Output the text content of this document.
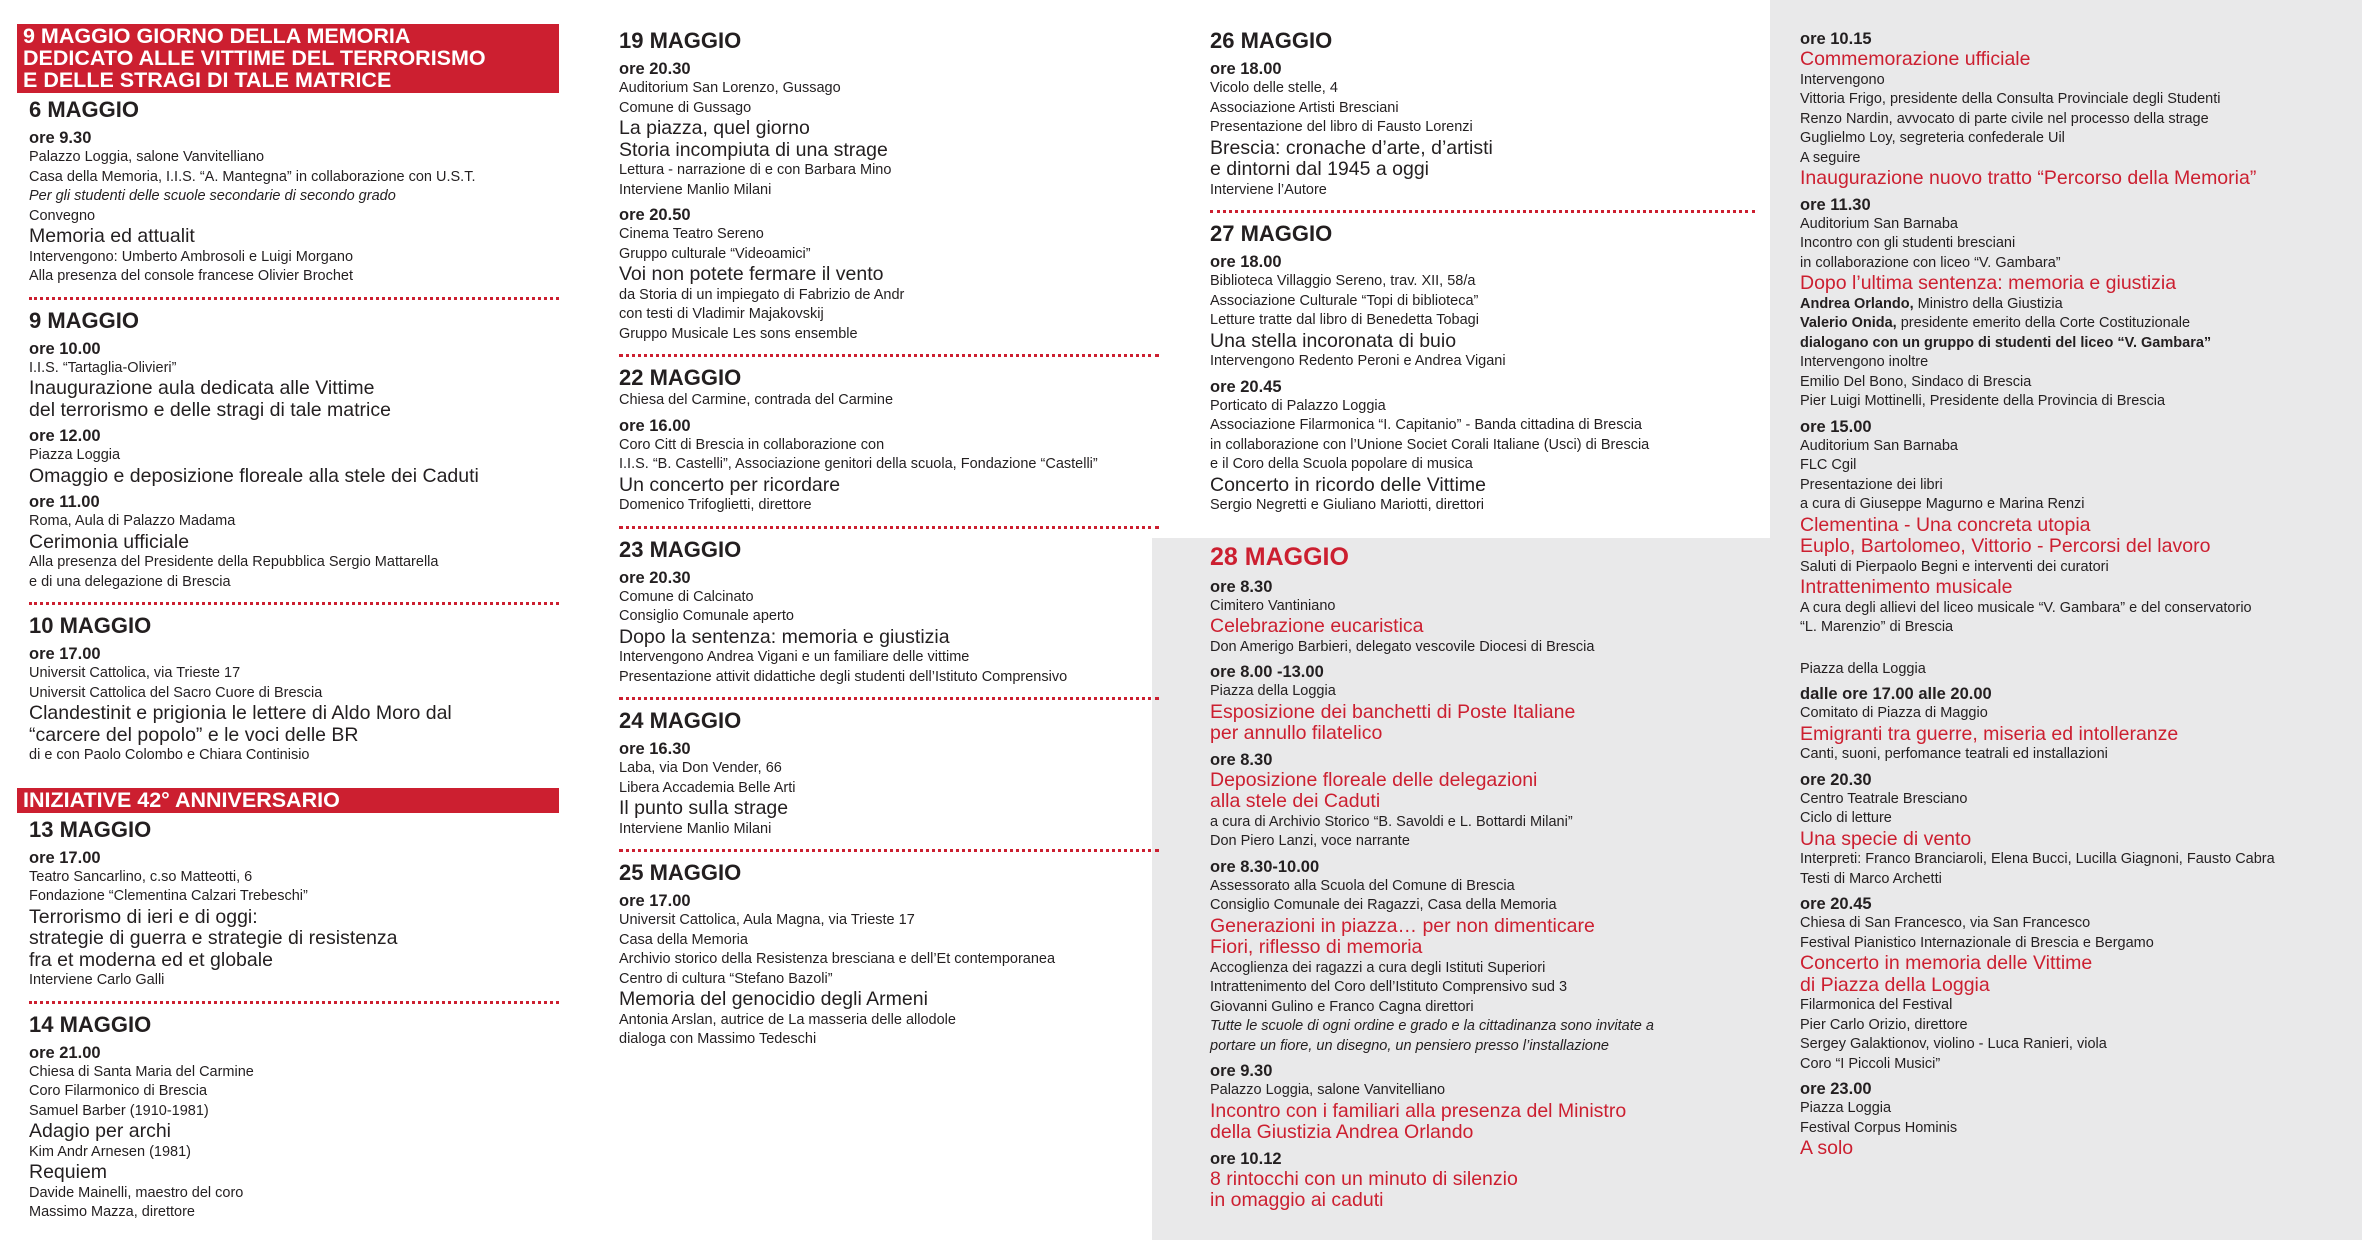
9 MAGGIO GIORNO DELLA MEMORIA
DEDICATO ALLE VITTIME DEL TERRORISMO
E DELLE STRAGI DI TALE MATRICE
6 MAGGIO
ore 9.30
Palazzo Loggia, salone Vanvitelliano
Casa della Memoria, I.I.S. “A. Mantegna” in collaborazione con U.S.T.
Per gli studenti delle scuole secondarie di secondo grado
Convegno
Memoria ed attualit
Intervengono: Umberto Ambrosoli e Luigi Morgano
Alla presenza del console francese Olivier Brochet
9 MAGGIO
ore 10.00
I.I.S. “Tartaglia-Olivieri”
Inaugurazione aula dedicata alle Vittime
del terrorismo e delle stragi di tale matrice
ore 12.00
Piazza Loggia
Omaggio e deposizione floreale alla stele dei Caduti
ore 11.00
Roma, Aula di Palazzo Madama
Cerimonia ufficiale
Alla presenza del Presidente della Repubblica Sergio Mattarella
e di una delegazione di Brescia
10 MAGGIO
ore 17.00
Universit Cattolica, via Trieste 17
Universit Cattolica del Sacro Cuore di Brescia
Clandestinit e prigionia le lettere di Aldo Moro dal
“carcere del popolo” e le voci delle BR
di e con Paolo Colombo e Chiara Continisio
INIZIATIVE 42° ANNIVERSARIO
13 MAGGIO
ore 17.00
Teatro Sancarlino, c.so Matteotti, 6
Fondazione “Clementina Calzari Trebeschi”
Terrorismo di ieri e di oggi:
strategie di guerra e strategie di resistenza
fra et moderna ed et globale
Interviene Carlo Galli
14 MAGGIO
ore 21.00
Chiesa di Santa Maria del Carmine
Coro Filarmonico di Brescia
Samuel Barber (1910-1981)
Adagio per archi
Kim Andr Arnesen (1981)
Requiem
Davide Mainelli, maestro del coro
Massimo Mazza, direttore
19 MAGGIO
ore 20.30
Auditorium San Lorenzo, Gussago
Comune di Gussago
La piazza, quel giorno
Storia incompiuta di una strage
Lettura - narrazione di e con Barbara Mino
Interviene Manlio Milani
ore 20.50
Cinema Teatro Sereno
Gruppo culturale “Videoamici”
Voi non potete fermare il vento
da Storia di un impiegato di Fabrizio de Andr
con testi di Vladimir Majakovskij
Gruppo Musicale Les sons ensemble
22 MAGGIO
Chiesa del Carmine, contrada del Carmine
ore 16.00
Coro Citt di Brescia in collaborazione con
I.I.S. “B. Castelli”, Associazione genitori della scuola, Fondazione “Castelli”
Un concerto per ricordare
Domenico Trifoglietti, direttore
23 MAGGIO
ore 20.30
Comune di Calcinato
Consiglio Comunale aperto
Dopo la sentenza: memoria e giustizia
Intervengono Andrea Vigani e un familiare delle vittime
Presentazione attivit didattiche degli studenti dell’Istituto Comprensivo
24 MAGGIO
ore 16.30
Laba, via Don Vender, 66
Libera Accademia Belle Arti
Il punto sulla strage
Interviene Manlio Milani
25 MAGGIO
ore 17.00
Universit Cattolica, Aula Magna, via Trieste 17
Casa della Memoria
Archivio storico della Resistenza bresciana e dell’Et contemporanea
Centro di cultura “Stefano Bazoli”
Memoria del genocidio degli Armeni
Antonia Arslan, autrice de La masseria delle allodole
dialoga con Massimo Tedeschi
26 MAGGIO
ore 18.00
Vicolo delle stelle, 4
Associazione Artisti Bresciani
Presentazione del libro di Fausto Lorenzi
Brescia: cronache d’arte, d’artisti
e dintorni dal 1945 a oggi
Interviene l’Autore
27 MAGGIO
ore 18.00
Biblioteca Villaggio Sereno, trav. XII, 58/a
Associazione Culturale “Topi di biblioteca”
Letture tratte dal libro di Benedetta Tobagi
Una stella incoronata di buio
Intervengono Redento Peroni e Andrea Vigani
ore 20.45
Porticato di Palazzo Loggia
Associazione Filarmonica “I. Capitanio” - Banda cittadina di Brescia
in collaborazione con l’Unione Societ Corali Italiane (Usci) di Brescia
e il Coro della Scuola popolare di musica
Concerto in ricordo delle Vittime
Sergio Negretti e Giuliano Mariotti, direttori
28 MAGGIO
ore 8.30
Cimitero Vantiniano
Celebrazione eucaristica
Don Amerigo Barbieri, delegato vescovile Diocesi di Brescia
ore 8.00 -13.00
Piazza della Loggia
Esposizione dei banchetti di Poste Italiane
per annullo filatelico
ore 8.30
Deposizione floreale delle delegazioni
alla stele dei Caduti
a cura di Archivio Storico “B. Savoldi e L. Bottardi Milani”
Don Piero Lanzi, voce narrante
ore 8.30-10.00
Assessorato alla Scuola del Comune di Brescia
Consiglio Comunale dei Ragazzi, Casa della Memoria
Generazioni in piazza… per non dimenticare
Fiori, riflesso di memoria
Accoglienza dei ragazzi a cura degli Istituti Superiori
Intrattenimento del Coro dell’Istituto Comprensivo sud 3
Giovanni Gulino e Franco Cagna direttori
Tutte le scuole di ogni ordine e grado e la cittadinanza sono invitate a
portare un fiore, un disegno, un pensiero presso l’installazione
ore 9.30
Palazzo Loggia, salone Vanvitelliano
Incontro con i familiari alla presenza del Ministro
della Giustizia Andrea Orlando
ore 10.12
8 rintocchi con un minuto di silenzio
in omaggio ai caduti
ore 10.15
Commemorazione ufficiale
Intervengono
Vittoria Frigo, presidente della Consulta Provinciale degli Studenti
Renzo Nardin, avvocato di parte civile nel processo della strage
Guglielmo Loy, segreteria confederale Uil
A seguire
Inaugurazione nuovo tratto “Percorso della Memoria”
ore 11.30
Auditorium San Barnaba
Incontro con gli studenti bresciani
in collaborazione con liceo “V. Gambara”
Dopo l’ultima sentenza: memoria e giustizia
Andrea Orlando, Ministro della Giustizia
Valerio Onida, presidente emerito della Corte Costituzionale
dialogano con un gruppo di studenti del liceo “V. Gambara”
Intervengono inoltre
Emilio Del Bono, Sindaco di Brescia
Pier Luigi Mottinelli, Presidente della Provincia di Brescia
ore 15.00
Auditorium San Barnaba
FLC Cgil
Presentazione dei libri
a cura di Giuseppe Magurno e Marina Renzi
Clementina - Una concreta utopia
Euplo, Bartolomeo, Vittorio - Percorsi del lavoro
Saluti di Pierpaolo Begni e interventi dei curatori
Intrattenimento musicale
A cura degli allievi del liceo musicale “V. Gambara” e del conservatorio
“L. Marenzio” di Brescia
Piazza della Loggia
dalle ore 17.00 alle 20.00
Comitato di Piazza di Maggio
Emigranti tra guerre, miseria ed intolleranze
Canti, suoni, perfomance teatrali ed installazioni
ore 20.30
Centro Teatrale Bresciano
Ciclo di letture
Una specie di vento
Interpreti: Franco Branciaroli, Elena Bucci, Lucilla Giagnoni, Fausto Cabra
Testi di Marco Archetti
ore 20.45
Chiesa di San Francesco, via San Francesco
Festival Pianistico Internazionale di Brescia e Bergamo
Concerto in memoria delle Vittime
di Piazza della Loggia
Filarmonica del Festival
Pier Carlo Orizio, direttore
Sergey Galaktionov, violino - Luca Ranieri, viola
Coro “I Piccoli Musici”
ore 23.00
Piazza Loggia
Festival Corpus Hominis
A solo
